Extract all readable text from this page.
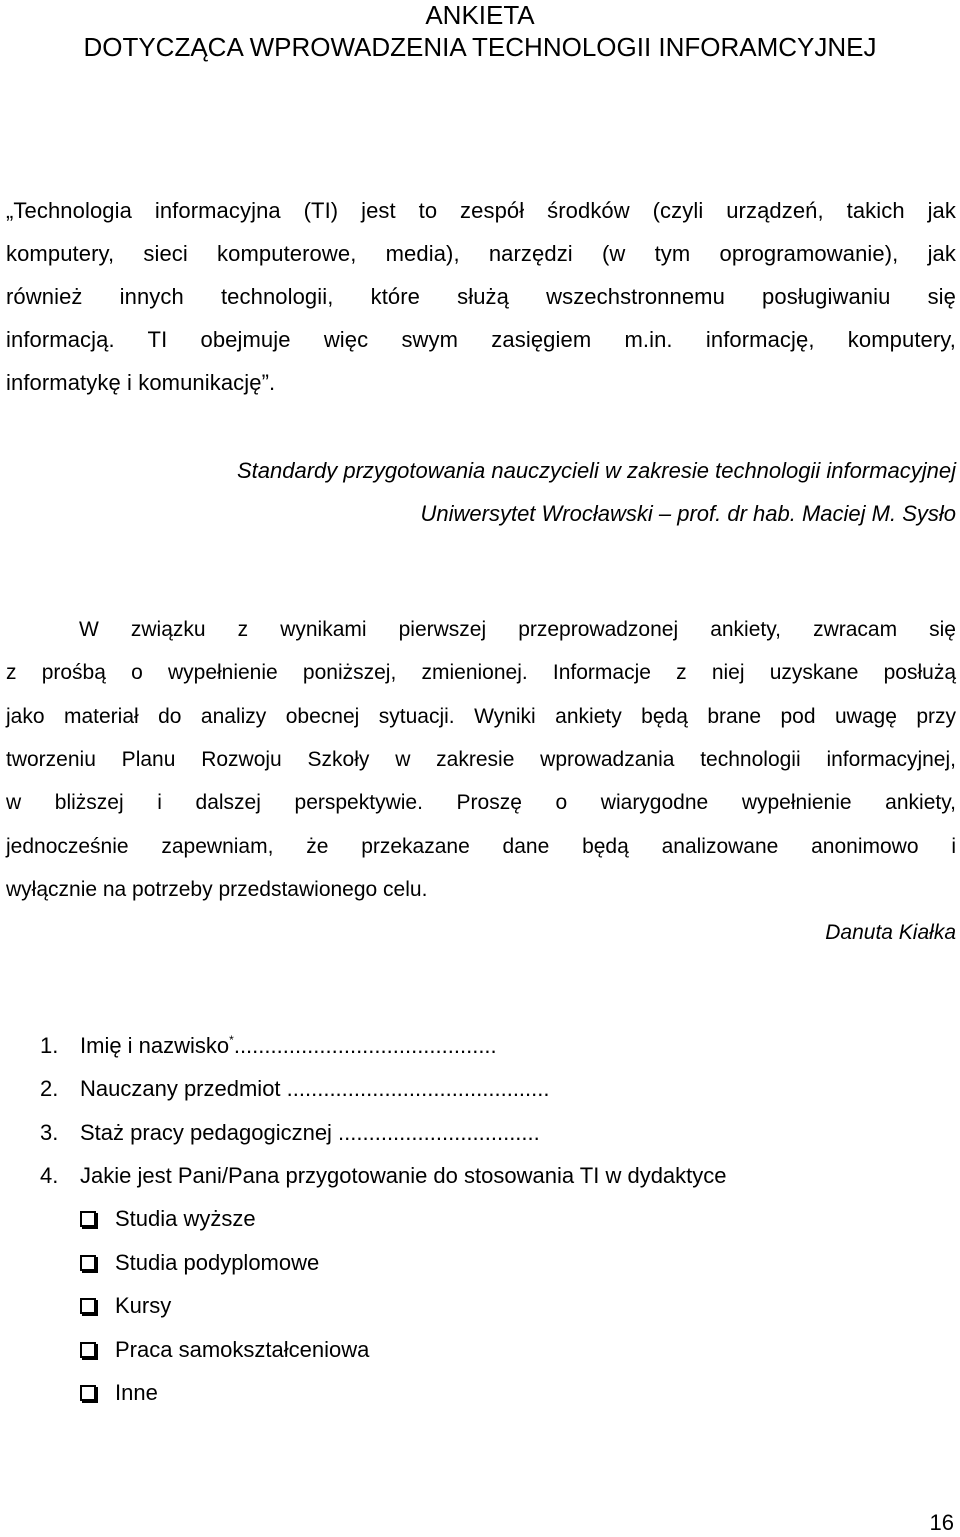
ANKIETA
DOTYCZĄCA WPROWADZENIA TECHNOLOGII INFORAMCYJNEJ
„Technologia informacyjna (TI) jest to zespół środków (czyli urządzeń, takich jak
komputery, sieci komputerowe, media), narzędzi (w tym oprogramowanie), jak
również innych technologii, które służą wszechstronnemu posługiwaniu się
informacją. TI obejmuje więc swym zasięgiem m.in. informację, komputery,
informatykę i komunikację”.
Standardy przygotowania nauczycieli w zakresie technologii informacyjnej
Uniwersytet Wrocławski – prof. dr hab. Maciej M. Sysło
W związku z wynikami pierwszej przeprowadzonej ankiety, zwracam się
z prośbą o wypełnienie poniższej, zmienionej. Informacje z niej uzyskane posłużą
jako materiał do analizy obecnej sytuacji. Wyniki ankiety będą brane pod uwagę przy
tworzeniu Planu Rozwoju Szkoły w zakresie wprowadzania technologii informacyjnej,
w bliższej i dalszej perspektywie. Proszę o wiarygodne wypełnienie ankiety,
jednocześnie zapewniam, że przekazane dane będą analizowane anonimowo i
wyłącznie na potrzeby przedstawionego celu.
Danuta Kiałka
1. Imię i nazwisko*...........................................
2. Nauczany przedmiot ...........................................
3. Staż pracy pedagogicznej .................................
4. Jakie jest Pani/Pana przygotowanie do stosowania TI w dydaktyce
Studia wyższe
Studia podyplomowe
Kursy
Praca samokształceniowa
Inne
16
